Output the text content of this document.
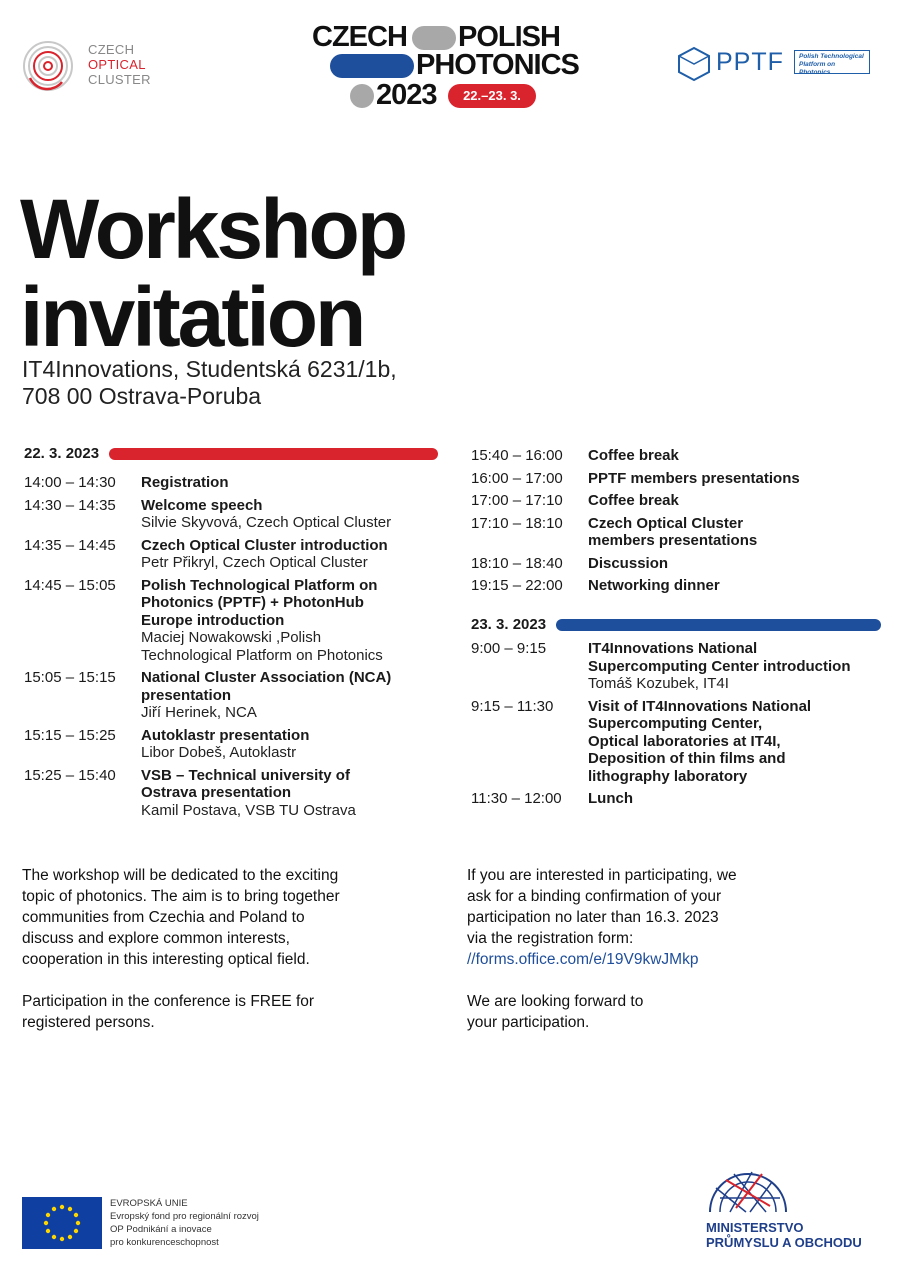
CZECH
OPTICAL
CLUSTER
CZECH POLISH
PHOTONICS
2023	22.–23. 3.
PPTF Polish Technological
Platform on Photonics
Workshop
invitation
IT4Innovations, Studentská 6231/1b,
708 00 Ostrava-Poruba
22. 3. 2023
23. 3. 2023
14:00 – 14:30 Registration
14:30 – 14:35 Welcome speech
Silvie Skyvová, Czech Optical Cluster
14:35 – 14:45 Czech Optical Cluster introduction
Petr Přikryl, Czech Optical Cluster
14:45 – 15:05 Polish Technological Platform on
Photonics (PPTF) + PhotonHub
Europe introduction
Maciej Nowakowski ,Polish
Technological Platform on Photonics
15:05 – 15:15 National Cluster Association (NCA)
presentation
Jiří Herinek, NCA
15:15 – 15:25 Autoklastr presentation
Libor Dobeš, Autoklastr
15:25 – 15:40 VSB – Technical university of
Ostrava presentation
Kamil Postava, VSB TU Ostrava
15:40 – 16:00 Coffee break
16:00 – 17:00 PPTF members presentations
17:00 – 17:10 Coffee break
17:10 – 18:10 Czech Optical Cluster
members presentations
18:10 – 18:40 Discussion
19:15 – 22:00 Networking dinner
9:00 – 9:15	IT4Innovations National
Supercomputing Center introduction
Tomáš Kozubek, IT4I
9:15 – 11:30 Visit of IT4Innovations National
Supercomputing Center,
Optical laboratories at IT4I,
Deposition of thin films and
lithography laboratory
11:30 – 12:00 Lunch
The workshop will be dedicated to the exciting
topic of photonics. The aim is to bring together
communities from Czechia and Poland to
discuss and explore common interests,
cooperation in this interesting optical field.
Participation in the conference is FREE for
registered persons.
If you are interested in participating, we
ask for a binding confirmation of your
participation no later than 16.3. 2023
via the registration form:
//forms.office.com/e/19V9kwJMkp
We are looking forward to
your participation.
EVROPSKÁ UNIE
Evropský fond pro regionální rozvoj
OP Podnikání a inovace
pro konkurenceschopnost
MINISTERSTVO
PRŮMYSLU A OBCHODU
